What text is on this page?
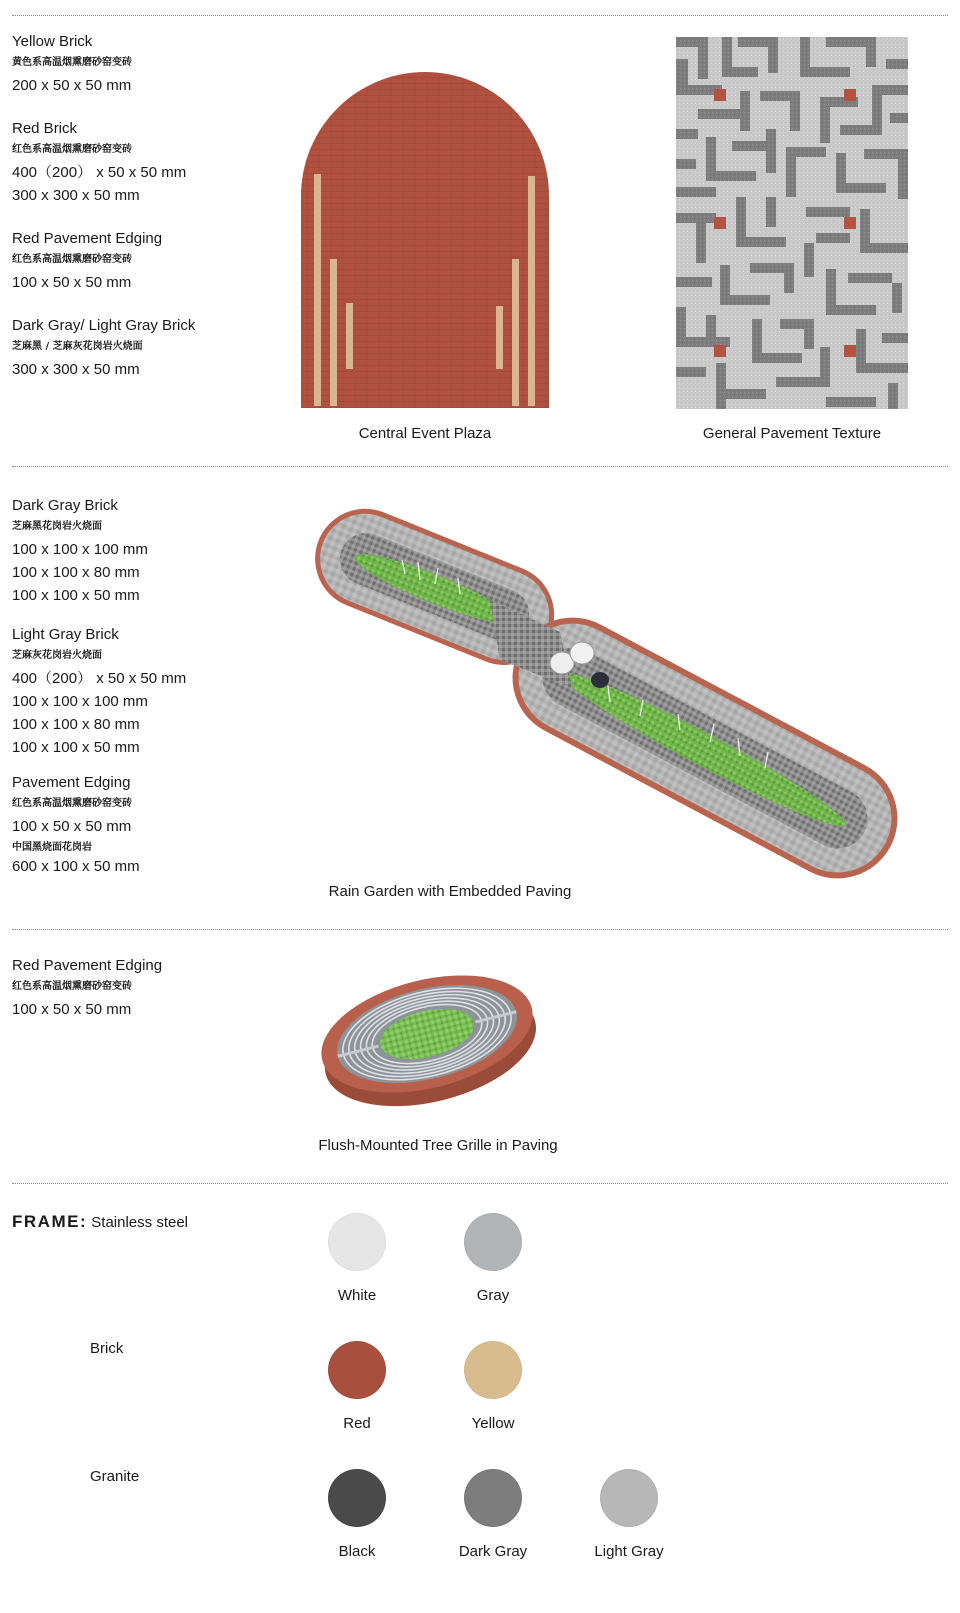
Yellow Brick
黄色系高温烟熏磨砂窑变砖
200 x 50 x 50 mm
Red Brick
红色系高温烟熏磨砂窑变砖
400（200） x 50 x 50 mm
300 x 300 x 50 mm
Red Pavement Edging
红色系高温烟熏磨砂窑变砖
100 x 50 x 50 mm
Dark Gray/ Light Gray Brick
芝麻黑 / 芝麻灰花岗岩火烧面
300 x 300 x 50 mm
Central Event Plaza	General Pavement Texture
Dark Gray Brick
芝麻黑花岗岩火烧面
100 x 100 x 100 mm
100 x 100 x 80 mm
100 x 100 x 50 mm
Light Gray Brick
芝麻灰花岗岩火烧面
400（200） x 50 x 50 mm
100 x 100 x 100 mm
100 x 100 x 80 mm
100 x 100 x 50 mm
Pavement Edging
红色系高温烟熏磨砂窑变砖
100 x 50 x 50 mm
中国黑烧面花岗岩
600 x 100 x 50 mm
Rain Garden with Embedded Paving
Red Pavement Edging
红色系高温烟熏磨砂窑变砖
100 x 50 x 50 mm
Flush-Mounted Tree Grille in Paving
FRAME: Stainless steel
Brick
Granite
White	Gray
Red	Yellow
Black	Dark Gray	Light Gray
